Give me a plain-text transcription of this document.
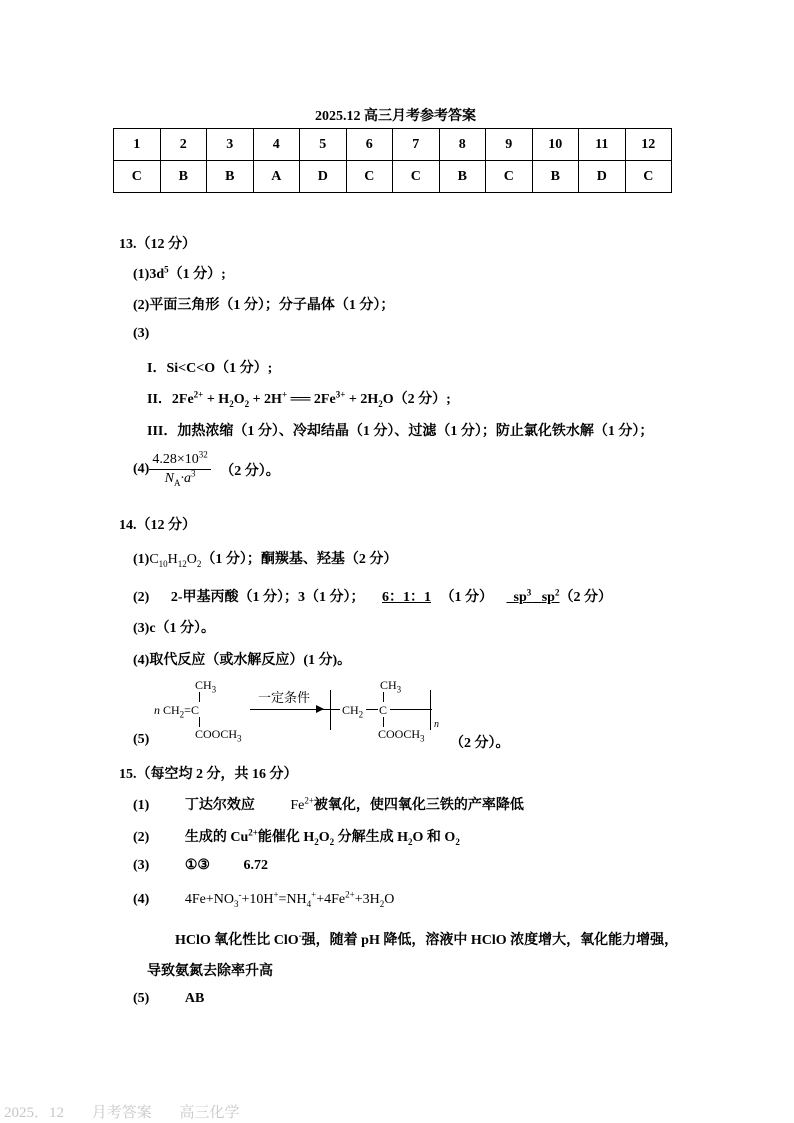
2025.12 高三月考参考答案
1	2	3	4	5	6	7	8	9	10	11	12
C	B	B	A	D	C	C	B	C	B	D	C
13.（12 分）
$(1)3d^5(1$ 分）;
(2)平面三角形（1 分）；分子晶体（1 分）；
(3)
I．Si<C<O（1 分）;
II．$2Fe^{2+} + H_2O_2 + 2H^+$ ══ $2Fe^{3+} + 2H_2O(2$ 分）;
III．加热浓缩（1 分）、冷却结晶（1 分）、过滤（1 分）；防止氯化铁水解（1 分）；
$(4) \frac{4.28\times 10^{32}}{N_A\cdot a^3} (2$ 分）。
14.（12 分）
$(1)C_{10}H_{12}O_2(1$ 分）；酮羰基、羟基（2 分）
(2) 2-甲基丙酸（1 分）；3（1 分）； 6：1：1 （1 分） $sp^3$ $sp^2(2$ 分）
(3)c（1 分）。
(4)取代反应（或水解反应）(1 分)。
$CH_3$
n $CH_2=C$
$COOCH_3$
一定条件
$CH_2$ C
$CH_3$
$COOCH_3$
n
(5)	（2 分）。
15.（每空均 2 分，共 16 分）
(1)	丁达尔效应	$Fe^{2+}$被氧化，使四氧化三铁的产率降低
(2)	生成的 $Cu^{2+}$能催化 $H_2O_2$ 分解生成 $H_2O$ 和 $O_2$
(3)	①③ 6.72
(4)	$4Fe+NO_3^-+10H^+=NH_4^++4Fe^{2+}+3H_2O$
HClO 氧化性比 ClO-强，随着 pH 降低，溶液中 HClO 浓度增大，氧化能力增强，
导致氨氮去除率升高
(5)	AB
2025．12 月考答案 高三化学
